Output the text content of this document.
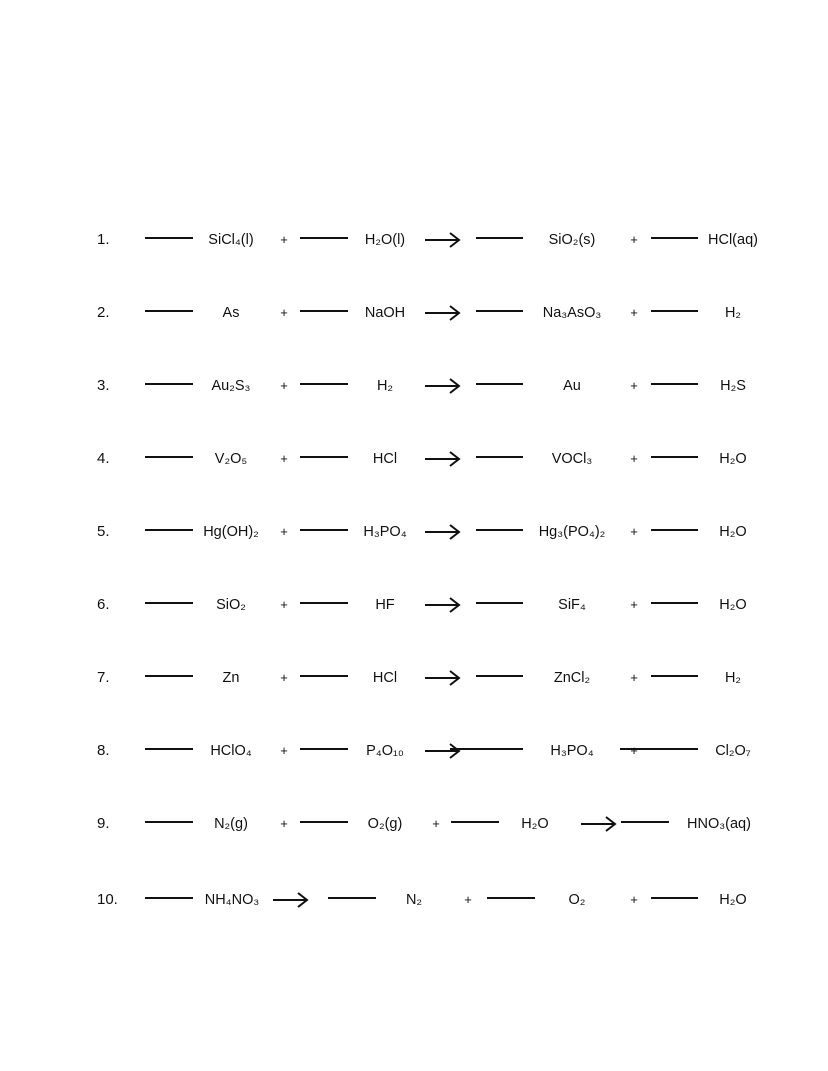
1.	SiCl₄(l)	+	H₂O(l)	SiO₂(s)	+	HCl(aq)
2.	As	+	NaOH	Na₃AsO₃	+	H₂
3.	Au₂S₃	+	H₂	Au	+	H₂S
4.	V₂O₅	+	HCl	VOCl₃	+	H₂O
5.	Hg(OH)₂	+	H₃PO₄	Hg₃(PO₄)₂	+	H₂O
6.	SiO₂	+	HF	SiF₄	+	H₂O
7.	Zn	+	HCl	ZnCl₂	+	H₂
8.	HClO₄	+	P₄O₁₀	H₃PO₄	+	Cl₂O₇
9.	N₂(g)	+	O₂(g)	+	H₂O	HNO₃(aq)
10.	NH₄NO₃	N₂	+	O₂	+	H₂O
